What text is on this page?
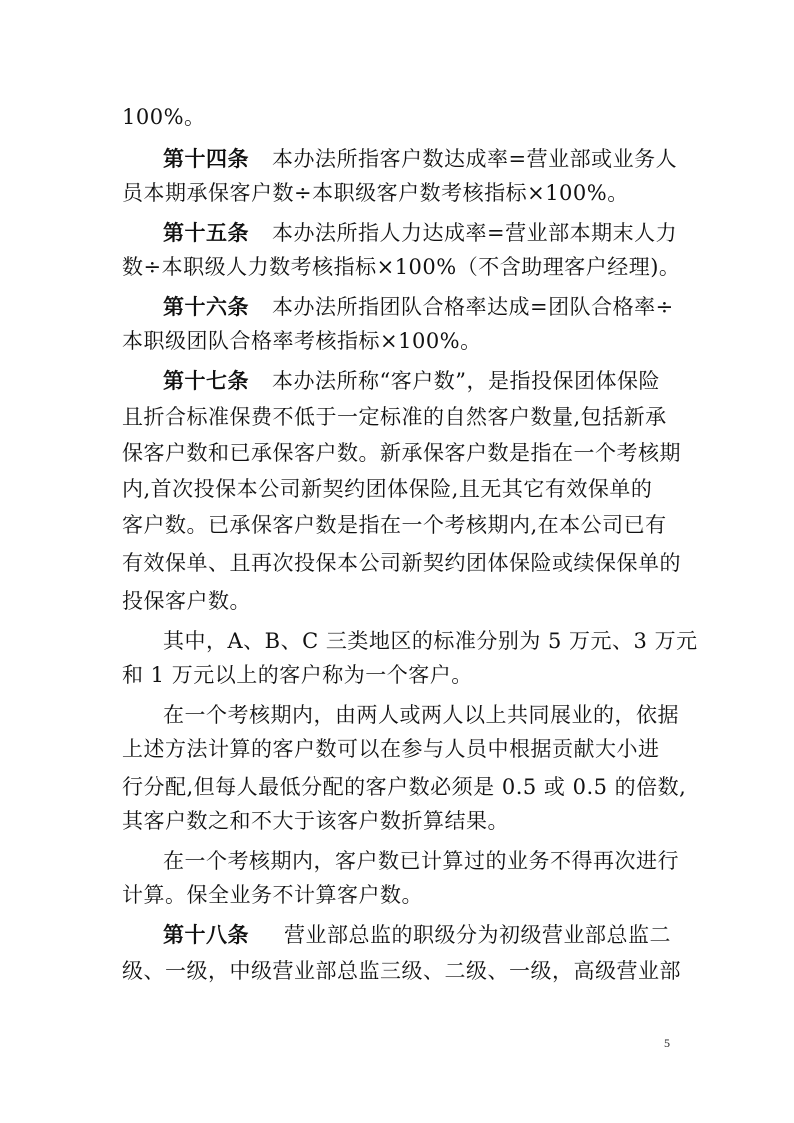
100%。
第十四条 本办法所指客户数达成率=营业部或业务人
员本期承保客户数÷本职级客户数考核指标×100%。
第十五条 本办法所指人力达成率=营业部本期末人力
数÷本职级人力数考核指标×100%（不含助理客户经理)。
第十六条 本办法所指团队合格率达成=团队合格率÷
本职级团队合格率考核指标×100%。
第十七条 本办法所称“客户数”，是指投保团体保险
且折合标准保费不低于一定标准的自然客户数量,包括新承
保客户数和已承保客户数。新承保客户数是指在一个考核期
内,首次投保本公司新契约团体保险,且无其它有效保单的
客户数。已承保客户数是指在一个考核期内,在本公司已有
有效保单、且再次投保本公司新契约团体保险或续保保单的
投保客户数。
其中，A、B、C 三类地区的标准分别为 5 万元、3 万元
和 1 万元以上的客户称为一个客户。
在一个考核期内，由两人或两人以上共同展业的，依据
上述方法计算的客户数可以在参与人员中根据贡献大小进
行分配,但每人最低分配的客户数必须是 0.5 或 0.5 的倍数,
其客户数之和不大于该客户数折算结果。
在一个考核期内，客户数已计算过的业务不得再次进行
计算。保全业务不计算客户数。
第十八条 营业部总监的职级分为初级营业部总监二
级、一级，中级营业部总监三级、二级、一级，高级营业部
5
